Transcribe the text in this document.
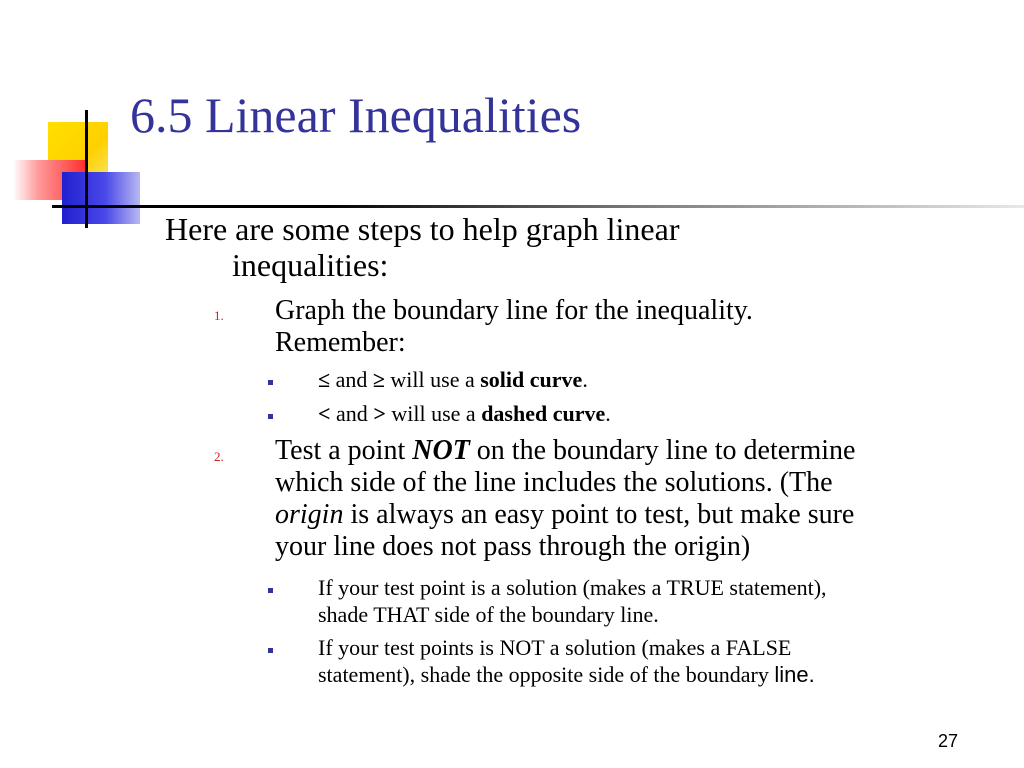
6.5 Linear Inequalities
Here are some steps to help graph linear
inequalities:
1. Graph the boundary line for the inequality.
Remember:
≤ and ≥ will use a solid curve.
< and > will use a dashed curve.
2. Test a point NOT on the boundary line to determine
which side of the line includes the solutions. (The
origin is always an easy point to test, but make sure
your line does not pass through the origin)
If your test point is a solution (makes a TRUE statement),
shade THAT side of the boundary line.
If your test points is NOT a solution (makes a FALSE
statement), shade the opposite side of the boundary line.
27
